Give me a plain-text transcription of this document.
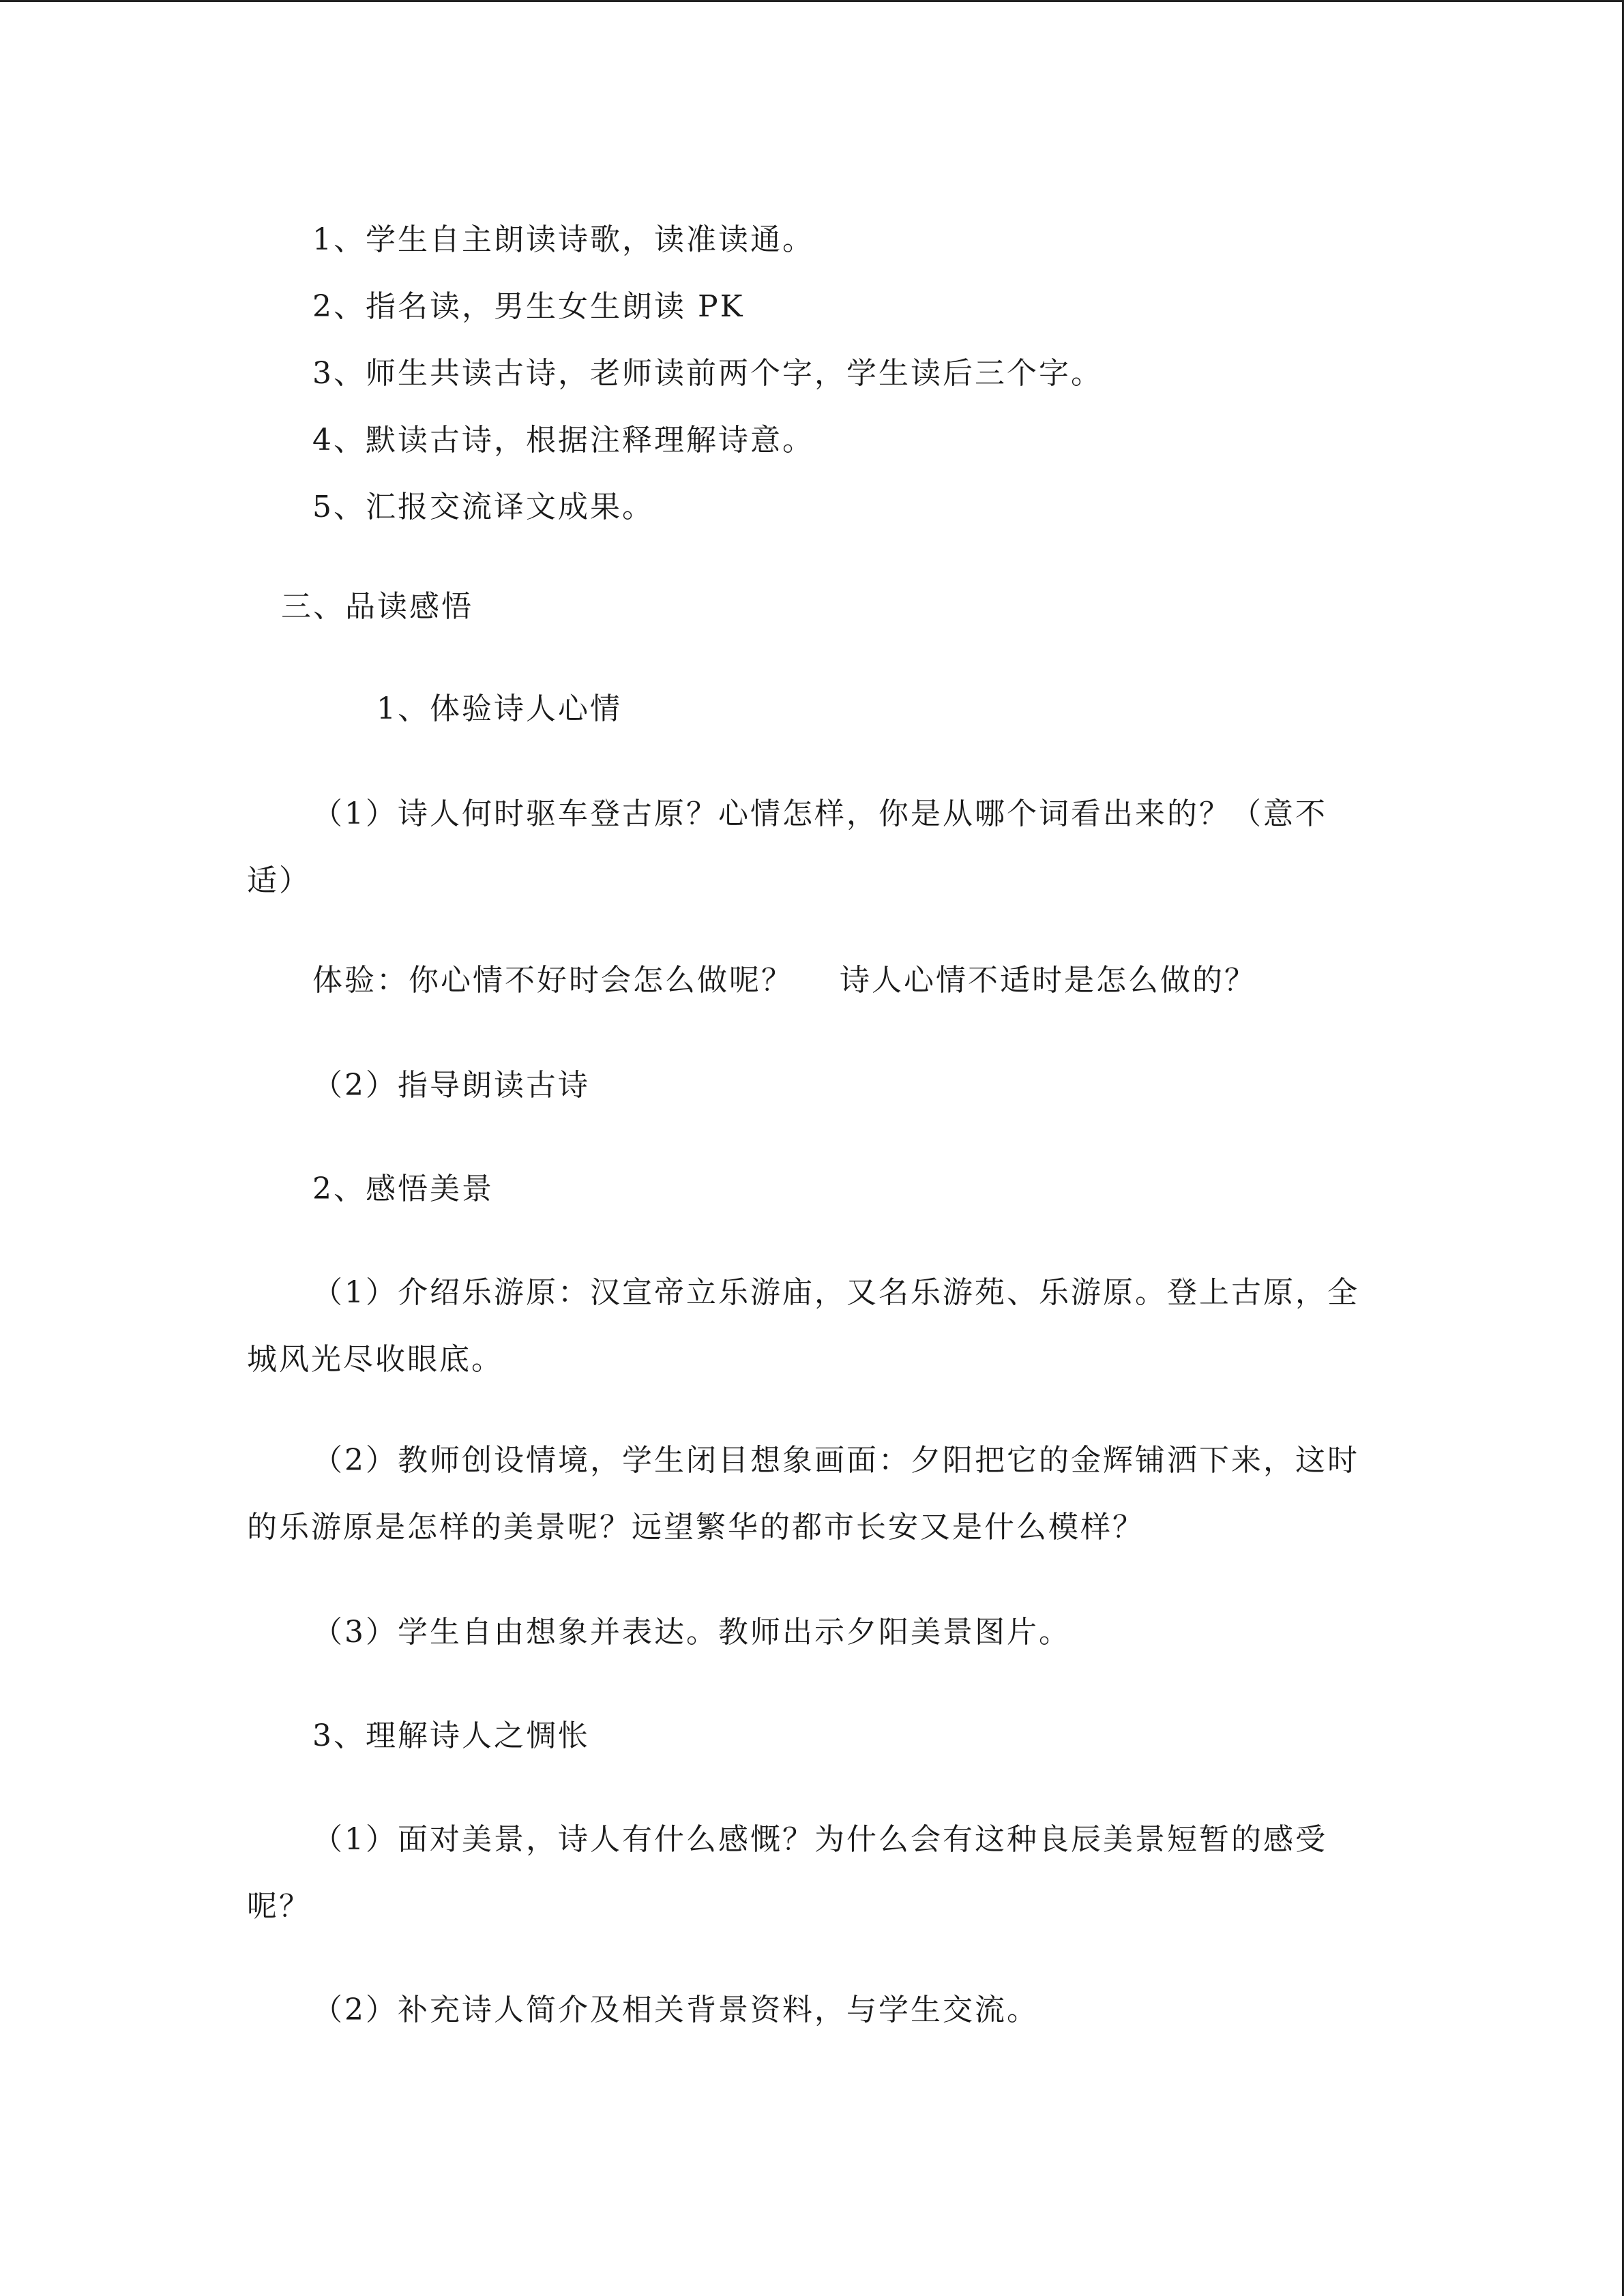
1、学生自主朗读诗歌，读准读通。

2、指名读，男生女生朗读 PK

3、师生共读古诗，老师读前两个字，学生读后三个字。

4、默读古诗，根据注释理解诗意。

5、汇报交流译文成果。

三、品读感悟

1、体验诗人心情

（1）诗人何时驱车登古原？心情怎样，你是从哪个词看出来的？（意不
适）

体验：你心情不好时会怎么做呢？    诗人心情不适时是怎么做的？

（2）指导朗读古诗

2、感悟美景

（1）介绍乐游原：汉宣帝立乐游庙，又名乐游苑、乐游原。登上古原，全
城风光尽收眼底。
（2）教师创设情境，学生闭目想象画面：夕阳把它的金辉铺洒下来，这时
的乐游原是怎样的美景呢？远望繁华的都市长安又是什么模样？

（3）学生自由想象并表达。教师出示夕阳美景图片。

3、理解诗人之惆怅

（1）面对美景，诗人有什么感慨？为什么会有这种良辰美景短暂的感受
呢？

（2）补充诗人简介及相关背景资料，与学生交流。
